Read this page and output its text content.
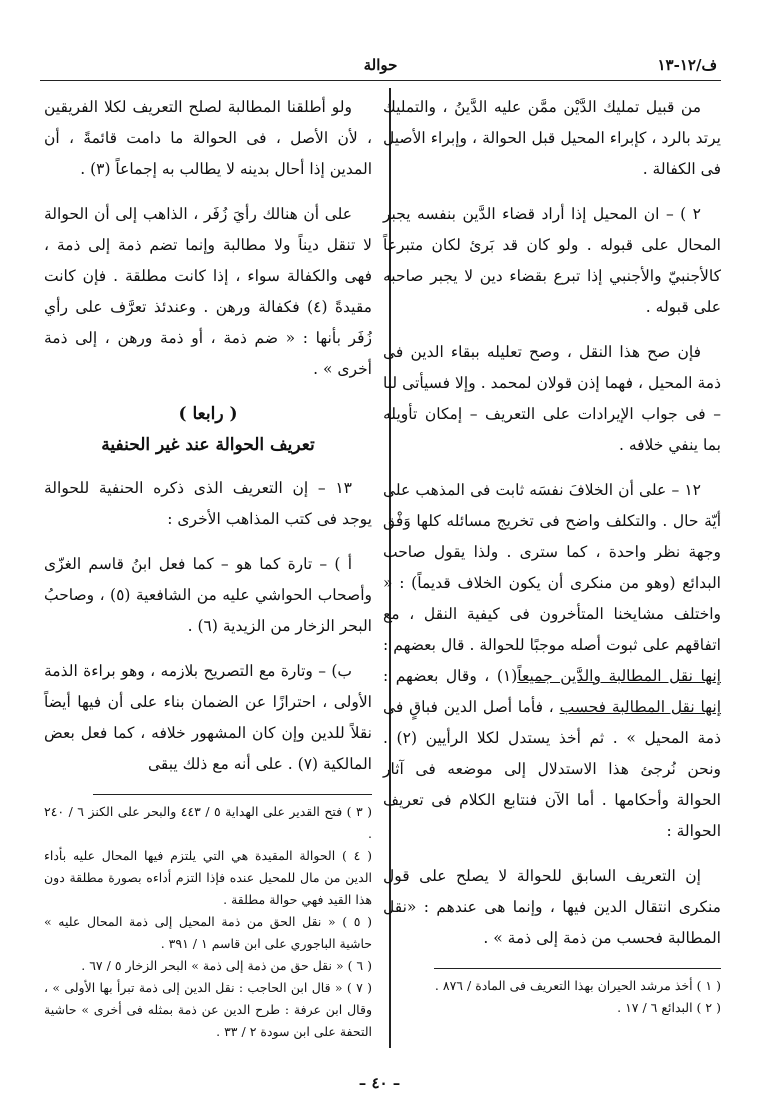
ف/١٢-١٣
حوالة

من قبيل تمليك الدَّيْن ممَّن عليه الدَّينُ ، والتمليك يرتد بالرد ، كإبراء المحيل قبل الحوالة ، وإبراء الأصيل فى الكفالة .

٢ ) – ان المحيل إذا أراد قضاء الدَّين بنفسه يجبر المحال على قبوله . ولو كان قد بَرئ لكان متبرعاً كالأجنبيّ والأجنبي إذا تبرع بقضاء دين لا يجبر صاحبه على قبوله .

فإن صح هذا النقل ، وصح تعليله ببقاء الدين فى ذمة المحيل ، فهما إذن قولان لمحمد . وإلا فسيأتى لنا – فى جواب الإيرادات على التعريف – إمكان تأويله بما ينفي خلافه .

١٢ – على أن الخلافَ نفسَه ثابت فى المذهب على أيّة حال . والتكلف واضح فى تخريج مسائله كلها وَفْق وجهة نظر واحدة ، كما سترى . ولذا يقول صاحب البدائع (وهو من منكرى أن يكون الخلاف قديماً) : « واختلف مشايخنا المتأخرون فى كيفية النقل ، مع اتفاقهم على ثبوت أصله موجبًا للحوالة . قال بعضهم : إنها نقل المطالبة والدَّين جميعاً(١) ، وقال بعضهم : إنها نقل المطالبة فحسب ، فأما أصل الدين فباقٍ فى ذمة المحيل » . ثم أخذ يستدل لكلا الرأيين (٢) . ونحن نُرجئ هذا الاستدلال إلى موضعه فى آثار الحوالة وأحكامها . أما الآن فنتابع الكلام فى تعريف الحوالة :

إن التعريف السابق للحوالة لا يصلح على قول منكرى انتقال الدين فيها ، وإنما هى عندهم : «نقل المطالبة فحسب من ذمة إلى ذمة » .

( ١ ) أخذ مرشد الحيران بهذا التعريف فى المادة / ٨٧٦ .

( ٢ ) البدائع ٦ / ١٧ .

ولو أطلقنا المطالبة لصلح التعريف لكلا الفريقين ، لأن الأصل ، فى الحوالة ما دامت قائمةً ، أن المدين إذا أحال بدينه لا يطالب به إجماعاً (٣) .

على أن هنالك رأيَ زُفَر ، الذاهب إلى أن الحوالة لا تنقل ديناً ولا مطالبة وإنما تضم ذمة إلى ذمة ، فهى والكفالة سواء ، إذا كانت مطلقة . فإن كانت مقيدةً (٤) فكفالة ورهن . وعندئذ تعرَّف على رأي زُفَر بأنها : « ضم ذمة ، أو ذمة ورهن ، إلى ذمة أخرى » .

( رابعا )

تعريف الحوالة عند غير الحنفية

١٣ – إن التعريف الذى ذكره الحنفية للحوالة يوجد فى كتب المذاهب الأخرى :

أ ) – تارة كما هو – كما فعل ابنُ قاسم الغزّى وأصحاب الحواشي عليه من الشافعية (٥) ، وصاحبُ البحر الزخار من الزيدية (٦) .

ب) – وتارة مع التصريح بلازمه ، وهو براءة الذمة الأولى ، احترازًا عن الضمان بناء على أن فيها أيضاً نقلاً للدين وإن كان المشهور خلافه ، كما فعل بعض المالكية (٧) . على أنه مع ذلك يبقى

( ٣ ) فتح القدير على الهداية ٥ / ٤٤٣ والبحر على الكنز ٦ / ٢٤٠ .

( ٤ ) الحوالة المقيدة هي التي يلتزم فيها المحال عليه بأداء الدين من مال للمحيل عنده فإذا التزم أداءه بصورة مطلقة دون هذا القيد فهي حوالة مطلقة .

( ٥ ) « نقل الحق من ذمة المحيل إلى ذمة المحال عليه » حاشية الباجوري على ابن قاسم ١ / ٣٩١ .

( ٦ ) « نقل حق من ذمة إلى ذمة » البحر الزخار ٥ / ٦٧ .

( ٧ ) « قال ابن الحاجب : نقل الدين إلى ذمة تبرأ بها الأولى » ، وقال ابن عرفة : طرح الدين عن ذمة بمثله فى أخرى » حاشية التحفة على ابن سودة ٢ / ٣٣ .

– ٤٠ –
